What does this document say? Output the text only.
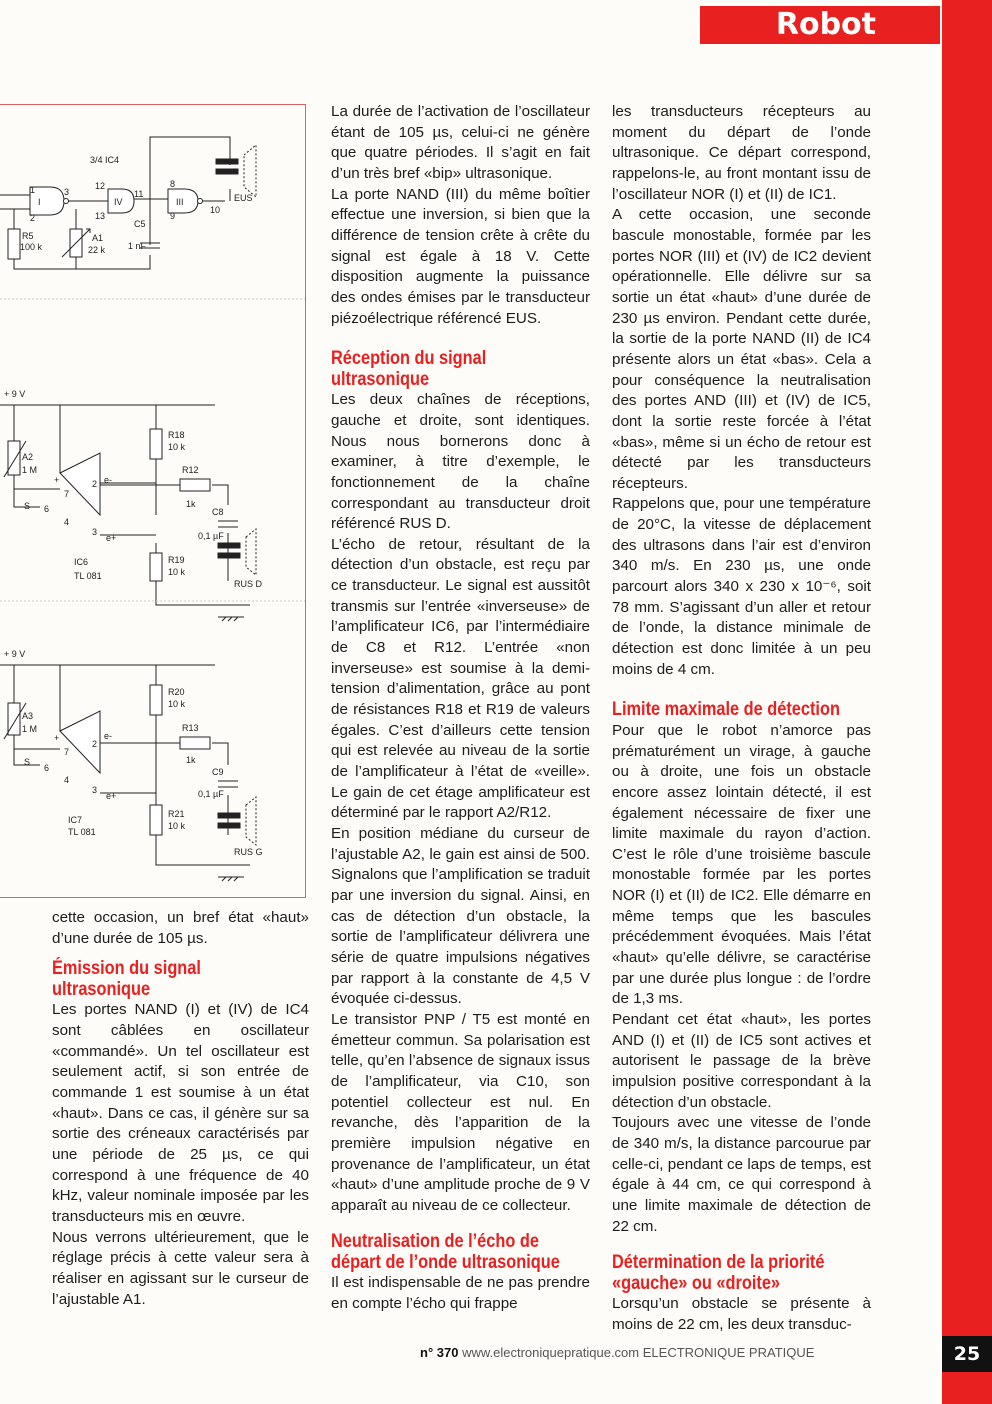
Robot
3/4 IC4
I	IV	III
1
2
3
12
13
11
8
9
10
EUS
R5
100 k
A1
22 k
C5
1 nF
+ 9 V
A2
1 M
+
7
2 e-
6
4
3
e+
S
R18
10 k
R12
1k
C8
0,1 µF
R19
10 k
RUS D
IC6
TL 081
+ 9 V
A3
1 M
+
7
2
e-
6
4
3
e+
S
R20
10 k
R13
1k
C9
0,1 µF
R21
10 k
RUS G
IC7
TL 081

cette occasion, un bref état «haut» d’une durée de 105 µs.

Émission du signal
ultrasonique

Les portes NAND (I) et (IV) de IC4 sont câblées en oscillateur «commandé». Un tel oscillateur est seulement actif, si son entrée de commande 1 est soumise à un état «haut». Dans ce cas, il génère sur sa sortie des créneaux caractérisés par une période de 25 µs, ce qui correspond à une fréquence de 40 kHz, valeur nominale imposée par les transducteurs mis en œuvre.

Nous verrons ultérieurement, que le réglage précis à cette valeur sera à réaliser en agissant sur le curseur de l’ajustable A1.

La durée de l’activation de l’oscillateur étant de 105 µs, celui-ci ne génère que quatre périodes. Il s’agit en fait d’un très bref «bip» ultrasonique.

La porte NAND (III) du même boîtier effectue une inversion, si bien que la différence de tension crête à crête du signal est égale à 18 V. Cette disposition augmente la puissance des ondes émises par le transducteur piézoélectrique référencé EUS.

Réception du signal
ultrasonique

Les deux chaînes de réceptions, gauche et droite, sont identiques. Nous nous bornerons donc à examiner, à titre d’exemple, le fonctionnement de la chaîne correspondant au transducteur droit référencé RUS D.

L’écho de retour, résultant de la détection d’un obstacle, est reçu par ce transducteur. Le signal est aussitôt transmis sur l’entrée «inverseuse» de l’amplificateur IC6, par l’intermédiaire de C8 et R12. L’entrée «non inverseuse» est soumise à la demi-tension d’alimentation, grâce au pont de résistances R18 et R19 de valeurs égales. C’est d’ailleurs cette tension qui est relevée au niveau de la sortie de l’amplificateur à l’état de «veille». Le gain de cet étage amplificateur est déterminé par le rapport A2/R12.

En position médiane du curseur de l’ajustable A2, le gain est ainsi de 500. Signalons que l’amplification se traduit par une inversion du signal. Ainsi, en cas de détection d’un obstacle, la sortie de l’amplificateur délivrera une série de quatre impulsions négatives par rapport à la constante de 4,5 V évoquée ci-dessus.

Le transistor PNP / T5 est monté en émetteur commun. Sa polarisation est telle, qu’en l’absence de signaux issus de l’amplificateur, via C10, son potentiel collecteur est nul. En revanche, dès l’apparition de la première impulsion négative en provenance de l’amplificateur, un état «haut» d’une amplitude proche de 9 V apparaît au niveau de ce collecteur.

Neutralisation de l’écho de
départ de l’onde ultrasonique

Il est indispensable de ne pas prendre en compte l’écho qui frappe

les transducteurs récepteurs au moment du départ de l’onde ultrasonique. Ce départ correspond, rappelons-le, au front montant issu de l’oscillateur NOR (I) et (II) de IC1.

A cette occasion, une seconde bascule monostable, formée par les portes NOR (III) et (IV) de IC2 devient opérationnelle. Elle délivre sur sa sortie un état «haut» d’une durée de 230 µs environ. Pendant cette durée, la sortie de la porte NAND (II) de IC4 présente alors un état «bas». Cela a pour conséquence la neutralisation des portes AND (III) et (IV) de IC5, dont la sortie reste forcée à l’état «bas», même si un écho de retour est détecté par les transducteurs récepteurs.

Rappelons que, pour une température de 20°C, la vitesse de déplacement des ultrasons dans l’air est d’environ 340 m/s. En 230 µs, une onde parcourt alors 340 x 230 x 10⁻⁶, soit 78 mm. S’agissant d’un aller et retour de l’onde, la distance minimale de détection est donc limitée à un peu moins de 4 cm.

Limite maximale de détection

Pour que le robot n’amorce pas prématurément un virage, à gauche ou à droite, une fois un obstacle encore assez lointain détecté, il est également nécessaire de fixer une limite maximale du rayon d’action. C’est le rôle d’une troisième bascule monostable formée par les portes NOR (I) et (II) de IC2. Elle démarre en même temps que les bascules précédemment évoquées. Mais l’état «haut» qu’elle délivre, se caractérise par une durée plus longue : de l’ordre de 1,3 ms.

Pendant cet état «haut», les portes AND (I) et (II) de IC5 sont actives et autorisent le passage de la brève impulsion positive correspondant à la détection d’un obstacle.

Toujours avec une vitesse de l’onde de 340 m/s, la distance parcourue par celle-ci, pendant ce laps de temps, est égale à 44 cm, ce qui correspond à une limite maximale de détection de 22 cm.

Détermination de la priorité
«gauche» ou «droite»

Lorsqu’un obstacle se présente à moins de 22 cm, les deux transduc-

n° 370 www.electroniquepratique.com ELECTRONIQUE PRATIQUE	25
